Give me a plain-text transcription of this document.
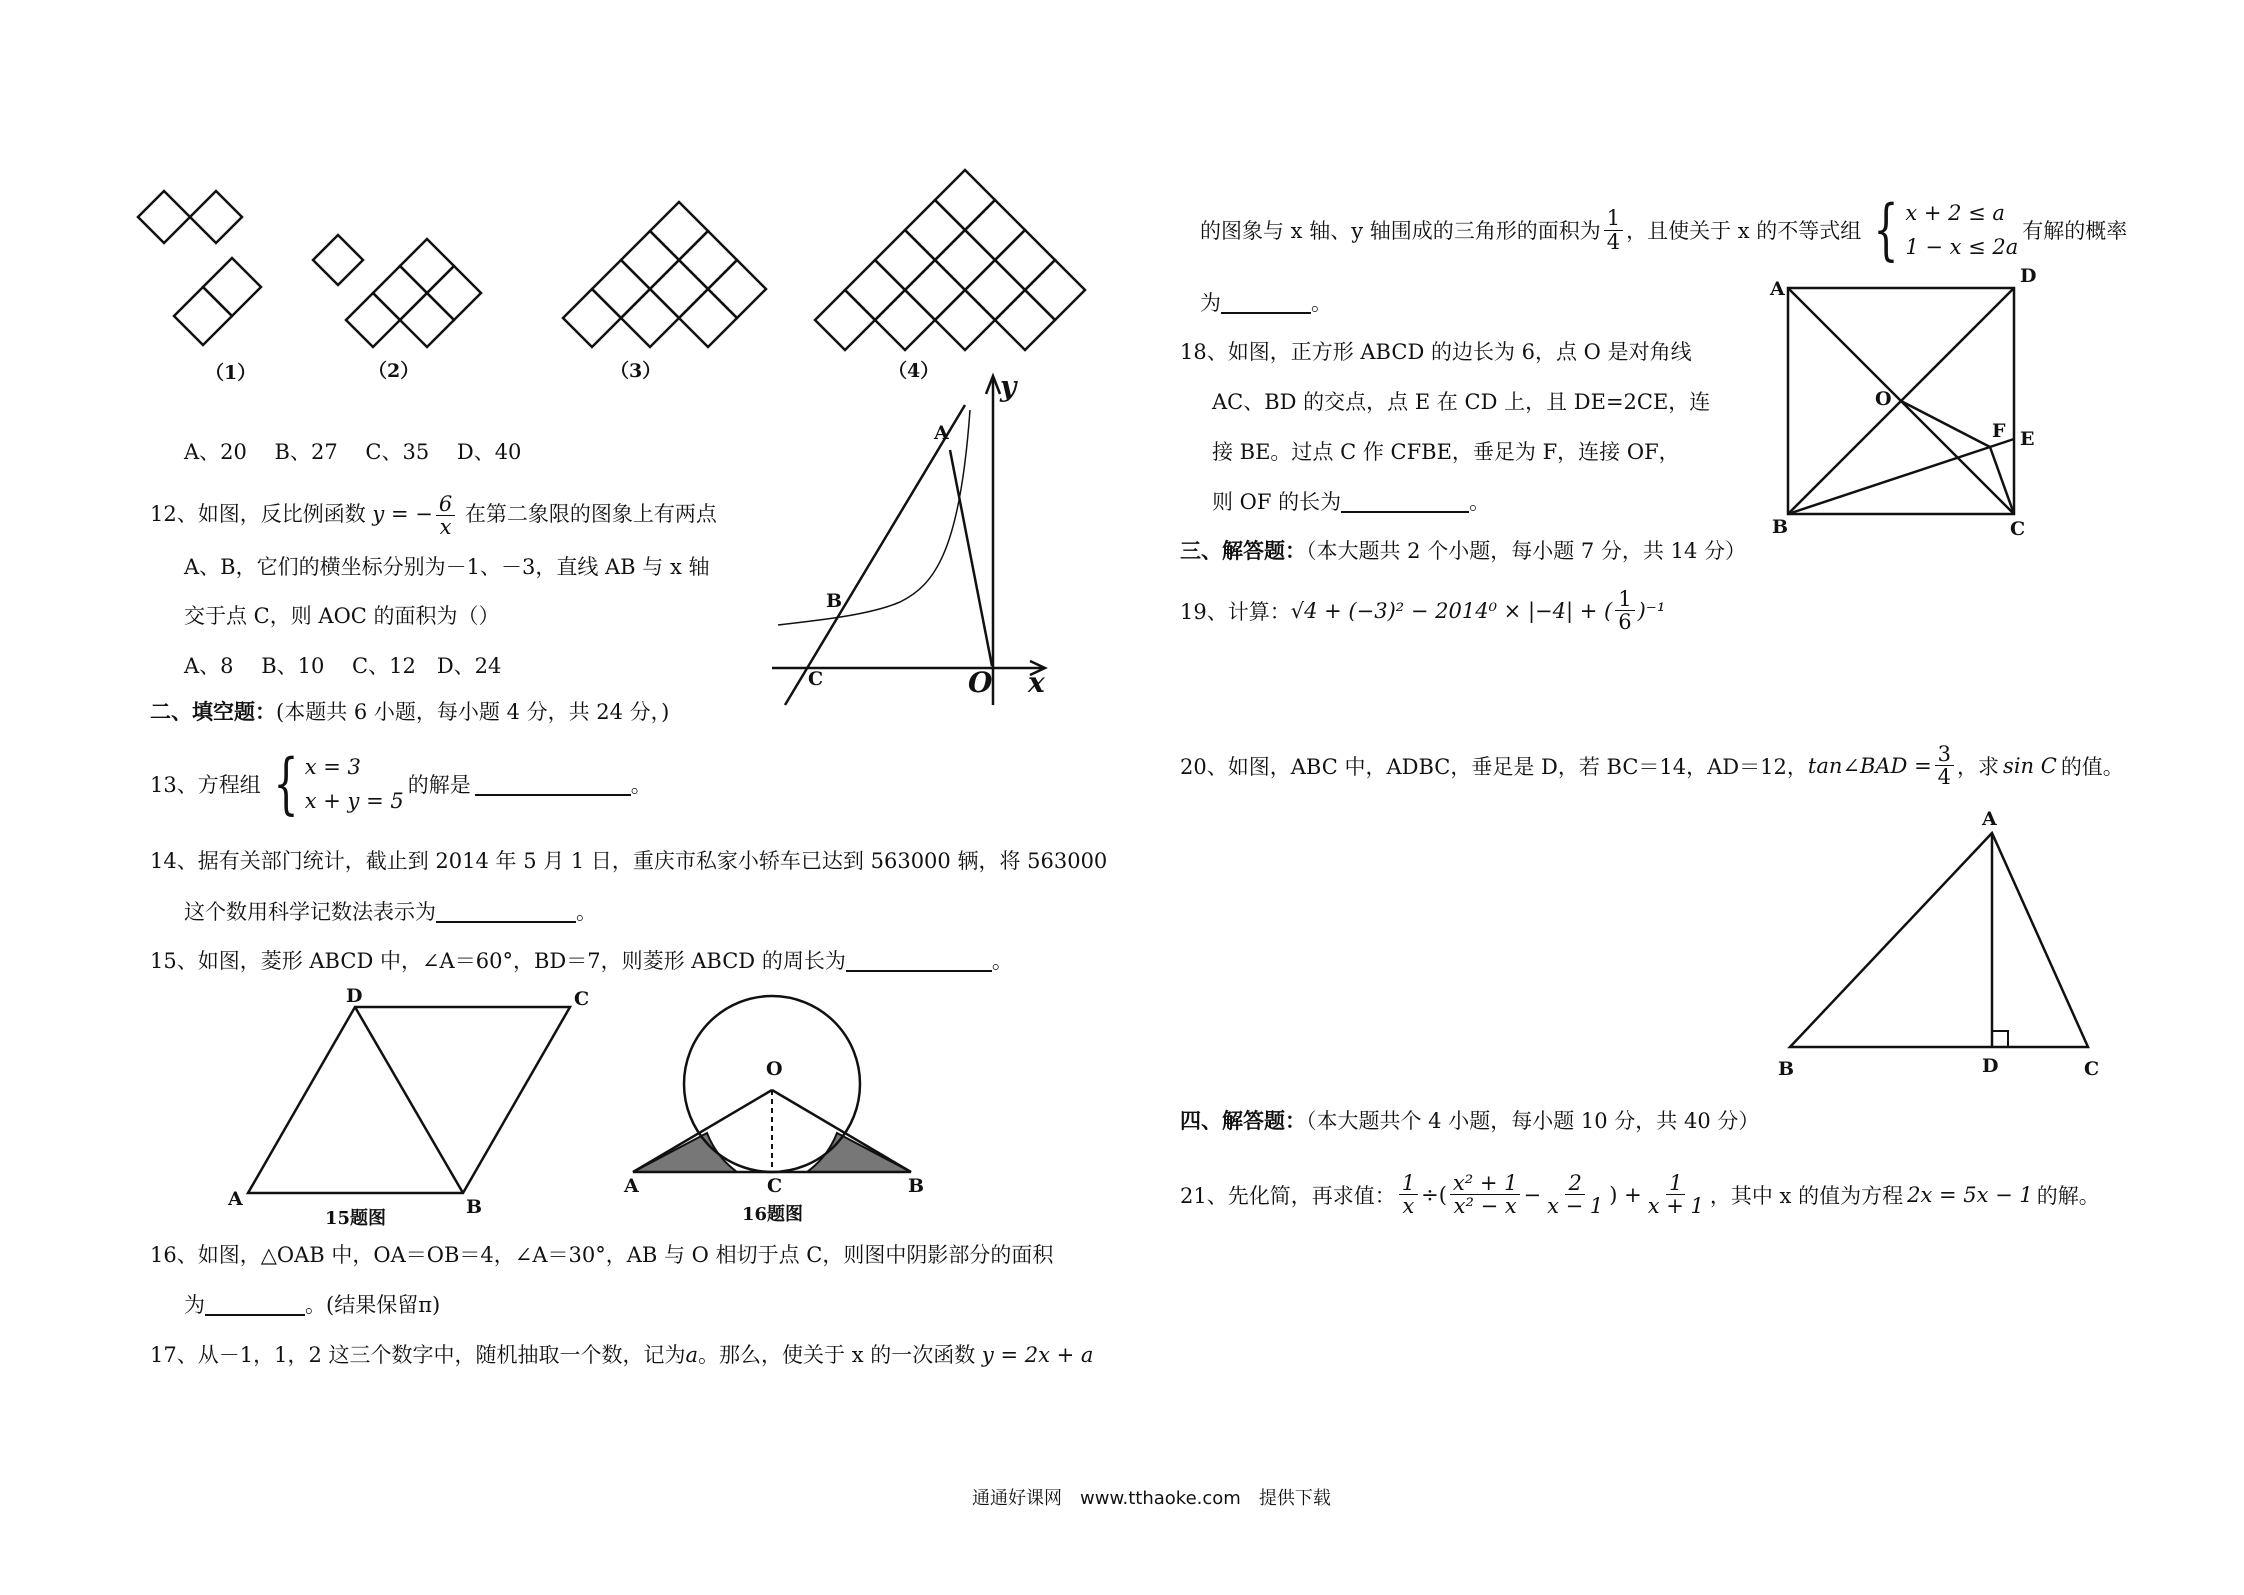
（1）	（2）	（3）	（4）
A、20　 B、27　 C、35　 D、40
12、如图，反比例函数 y = − $\frac{6}{x}$ 在第二象限的图象上有两点
A、B，它们的横坐标分别为－1、－3，直线 AB 与 x 轴
交于点 C，则 AOC 的面积为（）
A、8　 B、10　 C、12　D、24
A
B
C	O x
y
二、填空题：(本题共 6 小题，每小题 4 分，共 24 分，)
13、方程组 { x = 3
x + y = 5
的解是	。
14、据有关部门统计，截止到 2014 年 5 月 1 日，重庆市私家小轿车已达到 563000 辆，将 563000
这个数用科学记数法表示为	。
15、如图，菱形 ABCD 中，∠A＝60°，BD＝7，则菱形 ABCD 的周长为	。
A	B
C
D
15题图
A	B
C
O
16题图
16、如图，△OAB 中，OA＝OB＝4，∠A＝30°，AB 与 O 相切于点 C，则图中阴影部分的面积
为	。(结果保留π)
17、从－1，1，2 这三个数字中，随机抽取一个数，记为a。那么，使关于 x 的一次函数 y = 2x + a
的图象与 x 轴、y 轴围成的三角形的面积为 $\frac{1}{4}$ ，且使关于 x 的不等式组 { x + 2 ≤ a
1 − x ≤ 2a
有解的概率
为	。
18、如图，正方形 ABCD 的边长为 6，点 O 是对角线
AC、BD 的交点，点 E 在 CD 上，且 DE=2CE，连
接 BE。过点 C 作 CFBE，垂足为 F，连接 OF，
则 OF 的长为	。
A
B	C
D
O
F E
三、解答题：（本大题共 2 个小题，每小题 7 分，共 14 分）
19、计算： √4 + (−3)² − 2014⁰ × |−4| + ( $\frac{1}{6} )^{-1}$
20、如图，ABC 中，ADBC，垂足是 D，若 BC＝14，AD＝12， tan∠BAD = $\frac{3}{4}$ ，求 sin C 的值。
A
B	C
D
四、解答题：（本大题共个 4 小题，每小题 10 分，共 40 分）
21、先化简，再求值： $\frac{1}{x}$ ÷( $\frac{\text{x² + 1}}{\text{x² − x}} - \frac{2}{x - 1}$ ) + $\frac{1}{x + 1}$ ，其中 x 的值为方程 2x = 5x − 1 的解。
通通好课网　www.tthaoke.com　提供下载
